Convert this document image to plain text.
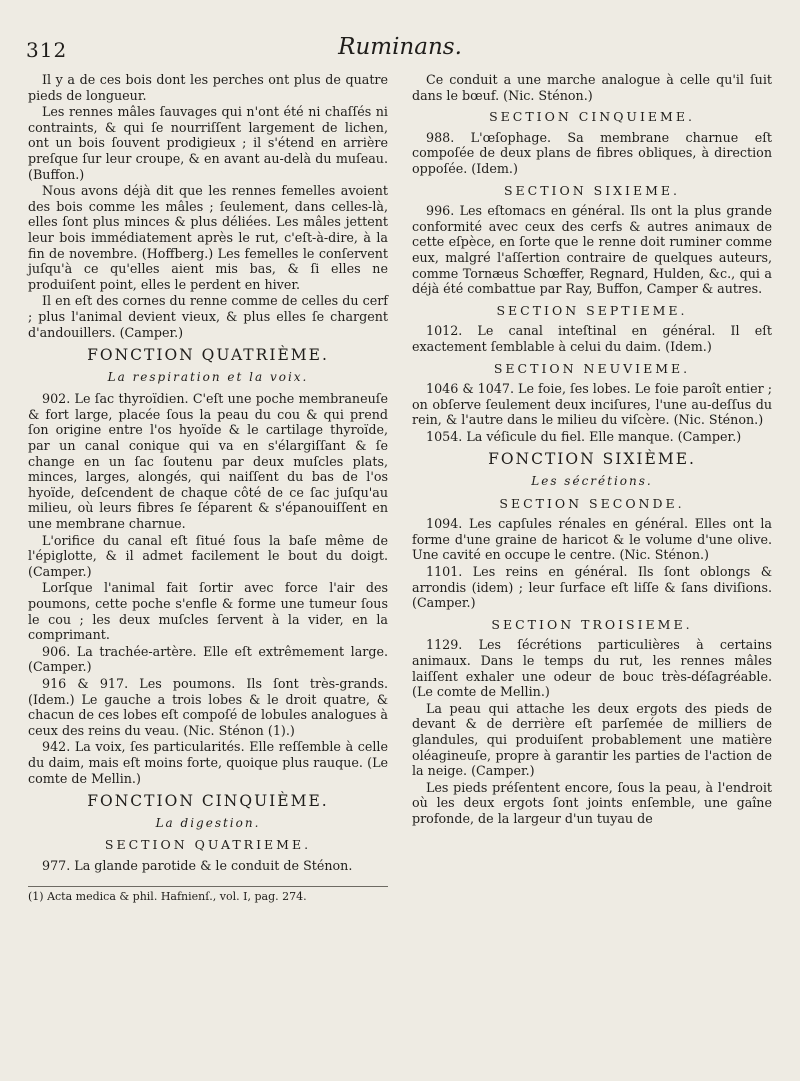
312	Ruminans.

Il y a de ces bois dont les perches ont plus de quatre pieds de longueur.

Les rennes mâles ſauvages qui n'ont été ni chaſſés ni contraints, & qui ſe nourriſſent largement de lichen, ont un bois ſouvent prodigieux ; il s'étend en arrière preſque ſur leur croupe, & en avant au-delà du muſeau. (Buffon.)

Nous avons déjà dit que les rennes femelles avoient des bois comme les mâles ; ſeulement, dans celles-là, elles ſont plus minces & plus déliées. Les mâles jettent leur bois immédiatement après le rut, c'eſt-à-dire, à la fin de novembre. (Hoffberg.) Les femelles le conſervent juſqu'à ce qu'elles aient mis bas, & ſi elles ne produiſent point, elles le perdent en hiver.

Il en eſt des cornes du renne comme de celles du cerf ; plus l'animal devient vieux, & plus elles ſe chargent d'andouillers. (Camper.)

FONCTION QUATRIÈME.
La respiration et la voix.

902. Le ſac thyroïdien. C'eſt une poche membraneuſe & fort large, placée ſous la peau du cou & qui prend ſon origine entre l'os hyoïde & le cartilage thyroïde, par un canal conique qui va en s'élargiſſant & ſe change en un ſac ſoutenu par deux muſcles plats, minces, larges, alongés, qui naiſſent du bas de l'os hyoïde, deſcendent de chaque côté de ce ſac juſqu'au milieu, où leurs fibres ſe ſéparent & s'épanouiſſent en une membrane charnue.

L'orifice du canal eſt ſitué ſous la baſe même de l'épiglotte, & il admet facilement le bout du doigt. (Camper.)

Lorſque l'animal fait ſortir avec force l'air des poumons, cette poche s'enfle & forme une tumeur ſous le cou ; les deux muſcles ſervent à la vider, en la comprimant.

906. La trachée-artère. Elle eſt extrêmement large. (Camper.)

916 & 917. Les poumons. Ils ſont très-grands. (Idem.) Le gauche a trois lobes & le droit quatre, & chacun de ces lobes eſt compoſé de lobules analogues à ceux des reins du veau. (Nic. Sténon (1).)

942. La voix, ſes particularités. Elle reſſemble à celle du daim, mais eſt moins forte, quoique plus rauque. (Le comte de Mellin.)

FONCTION CINQUIÈME.
La digestion.
SECTION QUATRIEME.

977. La glande parotide & le conduit de Sténon.

(1) Acta medica & phil. Hafnienſ., vol. I, pag. 274.

Ce conduit a une marche analogue à celle qu'il ſuit dans le bœuf. (Nic. Sténon.)

SECTION CINQUIEME.

988. L'œſophage. Sa membrane charnue eſt compoſée de deux plans de fibres obliques, à direction oppoſée. (Idem.)

SECTION SIXIEME.

996. Les eſtomacs en général. Ils ont la plus grande conformité avec ceux des cerfs & autres animaux de cette eſpèce, en ſorte que le renne doit ruminer comme eux, malgré l'aſſertion contraire de quelques auteurs, comme Tornæus Schœffer, Regnard, Hulden, &c., qui a déjà été combattue par Ray, Buffon, Camper & autres.

SECTION SEPTIEME.

1012. Le canal inteſtinal en général. Il eſt exactement ſemblable à celui du daim. (Idem.)

SECTION NEUVIEME.

1046 & 1047. Le foie, ſes lobes. Le foie paroît entier ; on obſerve ſeulement deux inciſures, l'une au-deſſus du rein, & l'autre dans le milieu du viſcère. (Nic. Sténon.)

1054. La véſicule du fiel. Elle manque. (Camper.)

FONCTION SIXIÈME.
Les sécrétions.
SECTION SECONDE.

1094. Les capſules rénales en général. Elles ont la forme d'une graine de haricot & le volume d'une olive. Une cavité en occupe le centre. (Nic. Sténon.)

1101. Les reins en général. Ils ſont oblongs & arrondis (idem) ; leur ſurface eſt liſſe & ſans diviſions. (Camper.)

SECTION TROISIEME.

1129. Les ſécrétions particulières à certains animaux. Dans le temps du rut, les rennes mâles laiſſent exhaler une odeur de bouc très-déſagréable. (Le comte de Mellin.)

La peau qui attache les deux ergots des pieds de devant & de derrière eſt parſemée de milliers de glandules, qui produiſent probablement une matière oléagineuſe, propre à garantir les parties de l'action de la neige. (Camper.)

Les pieds préſentent encore, ſous la peau, à l'endroit où les deux ergots ſont joints enſemble, une gaîne profonde, de la largeur d'un tuyau de
